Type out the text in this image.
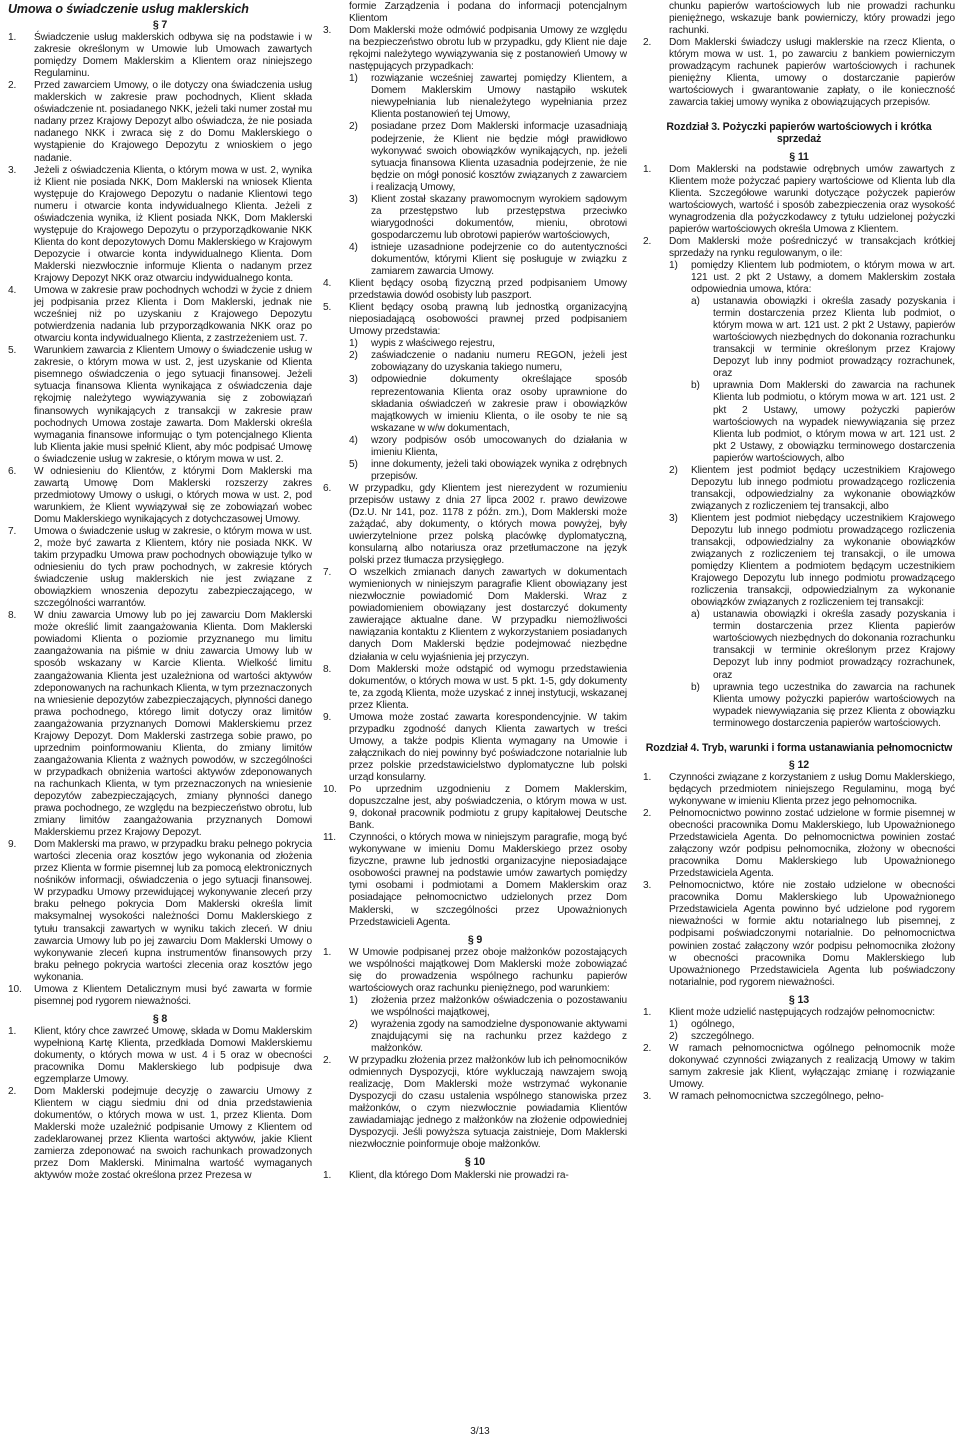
Umowa o świadczenie usług maklerskich
§ 7

1. Świadczenie usług maklerskich odbywa się na podstawie i w zakresie określonym w Umowie lub Umowach zawartych pomiędzy Domem Maklerskim a Klientem oraz niniejszego Regulaminu.

2. Przed zawarciem Umowy, o ile dotyczy ona świadczenia usług maklerskich w zakresie praw pochodnych, Klient składa oświadczenie nt. posiadanego NKK, jeżeli taki numer został mu nadany przez Krajowy Depozyt albo oświadcza, że nie posiada nadanego NKK i zwraca się z do Domu Maklerskiego o wystąpienie do Krajowego Depozytu z wnioskiem o jego nadanie.

3. Jeżeli z oświadczenia Klienta, o którym mowa w ust. 2, wynika iż Klient nie posiada NKK, Dom Maklerski na wniosek Klienta występuje do Krajowego Depozytu o nadanie Klientowi tego numeru i otwarcie konta indywidualnego Klienta. Jeżeli z oświadczenia wynika, iż Klient posiada NKK, Dom Maklerski występuje do Krajowego Depozytu o przyporządkowanie NKK Klienta do kont depozytowych Domu Maklerskiego w Krajowym Depozycie i otwarcie konta indywidualnego Klienta. Dom Maklerski niezwłocznie informuje Klienta o nadanym przez Krajowy Depozyt NKK oraz otwarciu indywidualnego konta.

4. Umowa w zakresie praw pochodnych wchodzi w życie z dniem jej podpisania przez Klienta i Dom Maklerski, jednak nie wcześniej niż po uzyskaniu z Krajowego Depozytu potwierdzenia nadania lub przyporządkowania NKK oraz po otwarciu konta indywidualnego Klienta, z zastrzeżeniem ust. 7.

5. Warunkiem zawarcia z Klientem Umowy o świadczenie usług w zakresie, o którym mowa w ust. 2, jest uzyskanie od Klienta pisemnego oświadczenia o jego sytuacji finansowej. Jeżeli sytuacja finansowa Klienta wynikająca z oświadczenia daje rękojmię należytego wywiązywania się z zobowiązań finansowych wynikających z transakcji w zakresie praw pochodnych Umowa zostaje zawarta. Dom Maklerski określa wymagania finansowe informując o tym potencjalnego Klienta lub Klienta jakie musi spełnić Klient, aby móc podpisać Umowę o świadczenie usług w zakresie, o którym mowa w ust. 2.

6. W odniesieniu do Klientów, z którymi Dom Maklerski ma zawartą Umowę Dom Maklerski rozszerzy zakres przedmiotowy Umowy o usługi, o których mowa w ust. 2, pod warunkiem, że Klient wywiązywał się ze zobowiązań wobec Domu Maklerskiego wynikających z dotychczasowej Umowy.

7. Umowa o świadczenie usług w zakresie, o którym mowa w ust. 2, może być zawarta z Klientem, który nie posiada NKK. W takim przypadku Umowa praw pochodnych obowiązuje tylko w odniesieniu do tych praw pochodnych, w zakresie których świadczenie usług maklerskich nie jest związane z obowiązkiem wnoszenia depozytu zabezpieczającego, w szczególności warrantów.

8. W dniu zawarcia Umowy lub po jej zawarciu Dom Maklerski może określić limit zaangażowania Klienta. Dom Maklerski powiadomi Klienta o poziomie przyznanego mu limitu zaangażowania na piśmie w dniu zawarcia Umowy lub w sposób wskazany w Karcie Klienta. Wielkość limitu zaangażowania Klienta jest uzależniona od wartości aktywów zdeponowanych na rachunkach Klienta, w tym przeznaczonych na wniesienie depozytów zabezpieczających, płynności danego prawa pochodnego, którego limit dotyczy oraz limitów zaangażowania przyznanych Domowi Maklerskiemu przez Krajowy Depozyt. Dom Maklerski zastrzega sobie prawo, po uprzednim poinformowaniu Klienta, do zmiany limitów zaangażowania Klienta z ważnych powodów, w szczególności w przypadkach obniżenia wartości aktywów zdeponowanych na rachunkach Klienta, w tym przeznaczonych na wniesienie depozytów zabezpieczających, zmiany płynności danego prawa pochodnego, ze względu na bezpieczeństwo obrotu, lub zmiany limitów zaangażowania przyznanych Domowi Maklerskiemu przez Krajowy Depozyt.

9. Dom Maklerski ma prawo, w przypadku braku pełnego pokrycia wartości zlecenia oraz kosztów jego wykonania od złożenia przez Klienta w formie pisemnej lub za pomocą elektronicznych nośników informacji, oświadczenia o jego sytuacji finansowej. W przypadku Umowy przewidującej wykonywanie zleceń przy braku pełnego pokrycia Dom Maklerski określa limit maksymalnej wysokości należności Domu Maklerskiego z tytułu transakcji zawartych w wyniku takich zleceń. W dniu zawarcia Umowy lub po jej zawarciu Dom Maklerski Umowy o wykonywanie zleceń kupna instrumentów finansowych przy braku pełnego pokrycia wartości zlecenia oraz kosztów jego wykonania.

10. Umowa z Klientem Detalicznym musi być zawarta w formie pisemnej pod rygorem nieważności.

§ 8

1. Klient, który chce zawrzeć Umowę, składa w Domu Maklerskim wypełnioną Kartę Klienta, przedkłada Domowi Maklerskiemu dokumenty, o których mowa w ust. 4 i 5 oraz w obecności pracownika Domu Maklerskiego lub podpisuje dwa egzemplarze Umowy.

2. Dom Maklerski podejmuje decyzję o zawarciu Umowy z Klientem w ciągu siedmiu dni od dnia przedstawienia dokumentów, o których mowa w ust. 1, przez Klienta. Dom Maklerski może uzależnić podpisanie Umowy z Klientem od zadeklarowanej przez Klienta wartości aktywów, jakie Klient zamierza zdeponować na swoich rachunkach prowadzonych przez Dom Maklerski. Minimalna wartość wymaganych aktywów może zostać określona przez Prezesa w

formie Zarządzenia i podana do informacji potencjalnym Klientom

3. Dom Maklerski może odmówić podpisania Umowy ze względu na bezpieczeństwo obrotu lub w przypadku, gdy Klient nie daje rękojmi należytego wywiązywania się z postanowień Umowy w następujących przypadkach:

1) rozwiązanie wcześniej zawartej pomiędzy Klientem, a Domem Maklerskim Umowy nastąpiło wskutek niewypełniania lub nienależytego wypełniania przez Klienta postanowień tej Umowy,

2) posiadane przez Dom Maklerski informacje uzasadniają podejrzenie, że Klient nie będzie mógł prawidłowo wykonywać swoich obowiązków wynikających, np. jeżeli sytuacja finansowa Klienta uzasadnia podejrzenie, że nie będzie on mógł ponosić kosztów związanych z zawarciem i realizacją Umowy,

3) Klient został skazany prawomocnym wyrokiem sądowym za przestępstwo lub przestępstwa przeciwko wiarygodności dokumentów, mieniu, obrotowi gospodarczemu lub obrotowi papierów wartościowych,

4) istnieje uzasadnione podejrzenie co do autentyczności dokumentów, którymi Klient się posługuje w związku z zamiarem zawarcia Umowy.

4. Klient będący osobą fizyczną przed podpisaniem Umowy przedstawia dowód osobisty lub paszport.

5. Klient będący osobą prawną lub jednostką organizacyjną nieposiadającą osobowości prawnej przed podpisaniem Umowy przedstawia:

1) wypis z właściwego rejestru,

2) zaświadczenie o nadaniu numeru REGON, jeżeli jest zobowiązany do uzyskania takiego numeru,

3) odpowiednie dokumenty określające sposób reprezentowania Klienta oraz osoby uprawnione do składania oświadczeń w zakresie praw i obowiązków majątkowych w imieniu Klienta, o ile osoby te nie są wskazane w w/w dokumentach,

4) wzory podpisów osób umocowanych do działania w imieniu Klienta,

5) inne dokumenty, jeżeli taki obowiązek wynika z odrębnych przepisów.

6. W przypadku, gdy Klientem jest nierezydent w rozumieniu przepisów ustawy z dnia 27 lipca 2002 r. prawo dewizowe (Dz.U. Nr 141, poz. 1178 z późn. zm.), Dom Maklerski może zażądać, aby dokumenty, o których mowa powyżej, były uwierzytelnione przez polską placówkę dyplomatyczną, konsularną albo notariusza oraz przetłumaczone na język polski przez tłumacza przysięgłego.

7. O wszelkich zmianach danych zawartych w dokumentach wymienionych w niniejszym paragrafie Klient obowiązany jest niezwłocznie powiadomić Dom Maklerski. Wraz z powiadomieniem obowiązany jest dostarczyć dokumenty zawierające aktualne dane. W przypadku niemożliwości nawiązania kontaktu z Klientem z wykorzystaniem posiadanych danych Dom Maklerski będzie podejmować niezbędne działania w celu wyjaśnienia jej przyczyn.

8. Dom Maklerski może odstąpić od wymogu przedstawienia dokumentów, o których mowa w ust. 5 pkt. 1-5, gdy dokumenty te, za zgodą Klienta, może uzyskać z innej instytucji, wskazanej przez Klienta.

9. Umowa może zostać zawarta korespondencyjnie. W takim przypadku zgodność danych Klienta zawartych w treści Umowy, a także podpis Klienta wymagany na Umowie i załącznikach do niej powinny być poświadczone notarialnie lub przez polskie przedstawicielstwo dyplomatyczne lub polski urząd konsularny.

10. Po uprzednim uzgodnieniu z Domem Maklerskim, dopuszczalne jest, aby poświadczenia, o którym mowa w ust. 9, dokonał pracownik podmiotu z grupy kapitałowej Deutsche Bank.

11. Czynności, o których mowa w niniejszym paragrafie, mogą być wykonywane w imieniu Domu Maklerskiego przez osoby fizyczne, prawne lub jednostki organizacyjne nieposiadające osobowości prawnej na podstawie umów zawartych pomiędzy tymi osobami i podmiotami a Domem Maklerskim oraz posiadające pełnomocnictwo udzielonych przez Dom Maklerski, w szczególności przez Upoważnionych Przedstawicieli Agenta.

§ 9

1. W Umowie podpisanej przez oboje małżonków pozostających we wspólności majątkowej Dom Maklerski może zobowiązać się do prowadzenia wspólnego rachunku papierów wartościowych oraz rachunku pieniężnego, pod warunkiem:

1) złożenia przez małżonków oświadczenia o pozostawaniu we wspólności majątkowej,

2) wyrażenia zgody na samodzielne dysponowanie aktywami znajdującymi się na rachunku przez każdego z małżonków.

2. W przypadku złożenia przez małżonków lub ich pełnomocników odmiennych Dyspozycji, które wykluczają nawzajem swoją realizację, Dom Maklerski może wstrzymać wykonanie Dyspozycji do czasu ustalenia wspólnego stanowiska przez małżonków, o czym niezwłocznie powiadamia Klientów zawiadamiając jednego z małżonków na złożenie odpowiedniej Dyspozycji. Jeśli powyższa sytuacja zaistnieje, Dom Maklerski niezwłocznie poinformuje oboje małżonków.

§ 10

1. Klient, dla którego Dom Maklerski nie prowadzi ra-

chunku papierów wartościowych lub nie prowadzi rachunku pieniężnego, wskazuje bank powierniczy, który prowadzi jego rachunki.

2. Dom Maklerski świadczy usługi maklerskie na rzecz Klienta, o którym mowa w ust. 1, po zawarciu z bankiem powierniczym prowadzącym rachunek papierów wartościowych i rachunek pieniężny Klienta, umowy o dostarczanie papierów wartościowych i gwarantowanie zapłaty, o ile konieczność zawarcia takiej umowy wynika z obowiązujących przepisów.

Rozdział 3. Pożyczki papierów wartościowych i krótka sprzedaż
§ 11

1. Dom Maklerski na podstawie odrębnych umów zawartych z Klientem może pożyczać papiery wartościowe od Klienta lub dla Klienta. Szczegółowe warunki dotyczące pożyczek papierów wartościowych, wartość i sposób zabezpieczenia oraz wysokość wynagrodzenia dla pożyczkodawcy z tytułu udzielonej pożyczki papierów wartościowych określa Umowa z Klientem.

2. Dom Maklerski może pośredniczyć w transakcjach krótkiej sprzedaży na rynku regulowanym, o ile:

1) pomiędzy Klientem lub podmiotem, o którym mowa w art. 121 ust. 2 pkt 2 Ustawy, a domem Maklerskim została odpowiednia umowa, która:

a) ustanawia obowiązki i określa zasady pozyskania i termin dostarczenia przez Klienta lub podmiot, o którym mowa w art. 121 ust. 2 pkt 2 Ustawy, papierów wartościowych niezbędnych do dokonania rozrachunku transakcji w terminie określonym przez Krajowy Depozyt lub inny podmiot prowadzący rozrachunek, oraz

b) uprawnia Dom Maklerski do zawarcia na rachunek Klienta lub podmiotu, o którym mowa w art. 121 ust. 2 pkt 2 Ustawy, umowy pożyczki papierów wartościowych na wypadek niewywiązania się przez Klienta lub podmiot, o którym mowa w art. 121 ust. 2 pkt 2 Ustawy, z obowiązku terminowego dostarczenia papierów wartościowych, albo

2) Klientem jest podmiot będący uczestnikiem Krajowego Depozytu lub innego podmiotu prowadzącego rozliczenia transakcji, odpowiedzialny za wykonanie obowiązków związanych z rozliczeniem tej transakcji, albo

3) Klientem jest podmiot niebędący uczestnikiem Krajowego Depozytu lub innego podmiotu prowadzącego rozliczenia transakcji, odpowiedzialny za wykonanie obowiązków związanych z rozliczeniem tej transakcji, o ile umowa pomiędzy Klientem a podmiotem będącym uczestnikiem Krajowego Depozytu lub innego podmiotu prowadzącego rozliczenia transakcji, odpowiedzialnym za wykonanie obowiązków związanych z rozliczeniem tej transakcji:

a) ustanawia obowiązki i określa zasady pozyskania i termin dostarczenia przez Klienta papierów wartościowych niezbędnych do dokonania rozrachunku transakcji w terminie określonym przez Krajowy Depozyt lub inny podmiot prowadzący rozrachunek, oraz

b) uprawnia tego uczestnika do zawarcia na rachunek Klienta umowy pożyczki papierów wartościowych na wypadek niewywiązania się przez Klienta z obowiązku terminowego dostarczenia papierów wartościowych.

Rozdział 4. Tryb, warunki i forma ustanawiania pełnomocnictw
§ 12

1. Czynności związane z korzystaniem z usług Domu Maklerskiego, będących przedmiotem niniejszego Regulaminu, mogą być wykonywane w imieniu Klienta przez jego pełnomocnika.

2. Pełnomocnictwo powinno zostać udzielone w formie pisemnej w obecności pracownika Domu Maklerskiego, lub Upoważnionego Przedstawiciela Agenta. Do pełnomocnictwa powinien zostać załączony wzór podpisu pełnomocnika, złożony w obecności pracownika Domu Maklerskiego lub Upoważnionego Przedstawiciela Agenta.

3. Pełnomocnictwo, które nie zostało udzielone w obecności pracownika Domu Maklerskiego lub Upoważnionego Przedstawiciela Agenta powinno być udzielone pod rygorem nieważności w formie aktu notarialnego lub pisemnej, z podpisami poświadczonymi notarialnie. Do pełnomocnictwa powinien zostać załączony wzór podpisu pełnomocnika złożony w obecności pracownika Domu Maklerskiego lub Upoważnionego Przedstawiciela Agenta lub poświadczony notarialnie, pod rygorem nieważności.

§ 13

1. Klient może udzielić następujących rodzajów pełnomocnictw:

1) ogólnego,

2) szczególnego.

2. W ramach pełnomocnictwa ogólnego pełnomocnik może dokonywać czynności związanych z realizacją Umowy w takim samym zakresie jak Klient, wyłączając zmianę i rozwiązanie Umowy.

3. W ramach pełnomocnictwa szczególnego, pełno-

3/13
